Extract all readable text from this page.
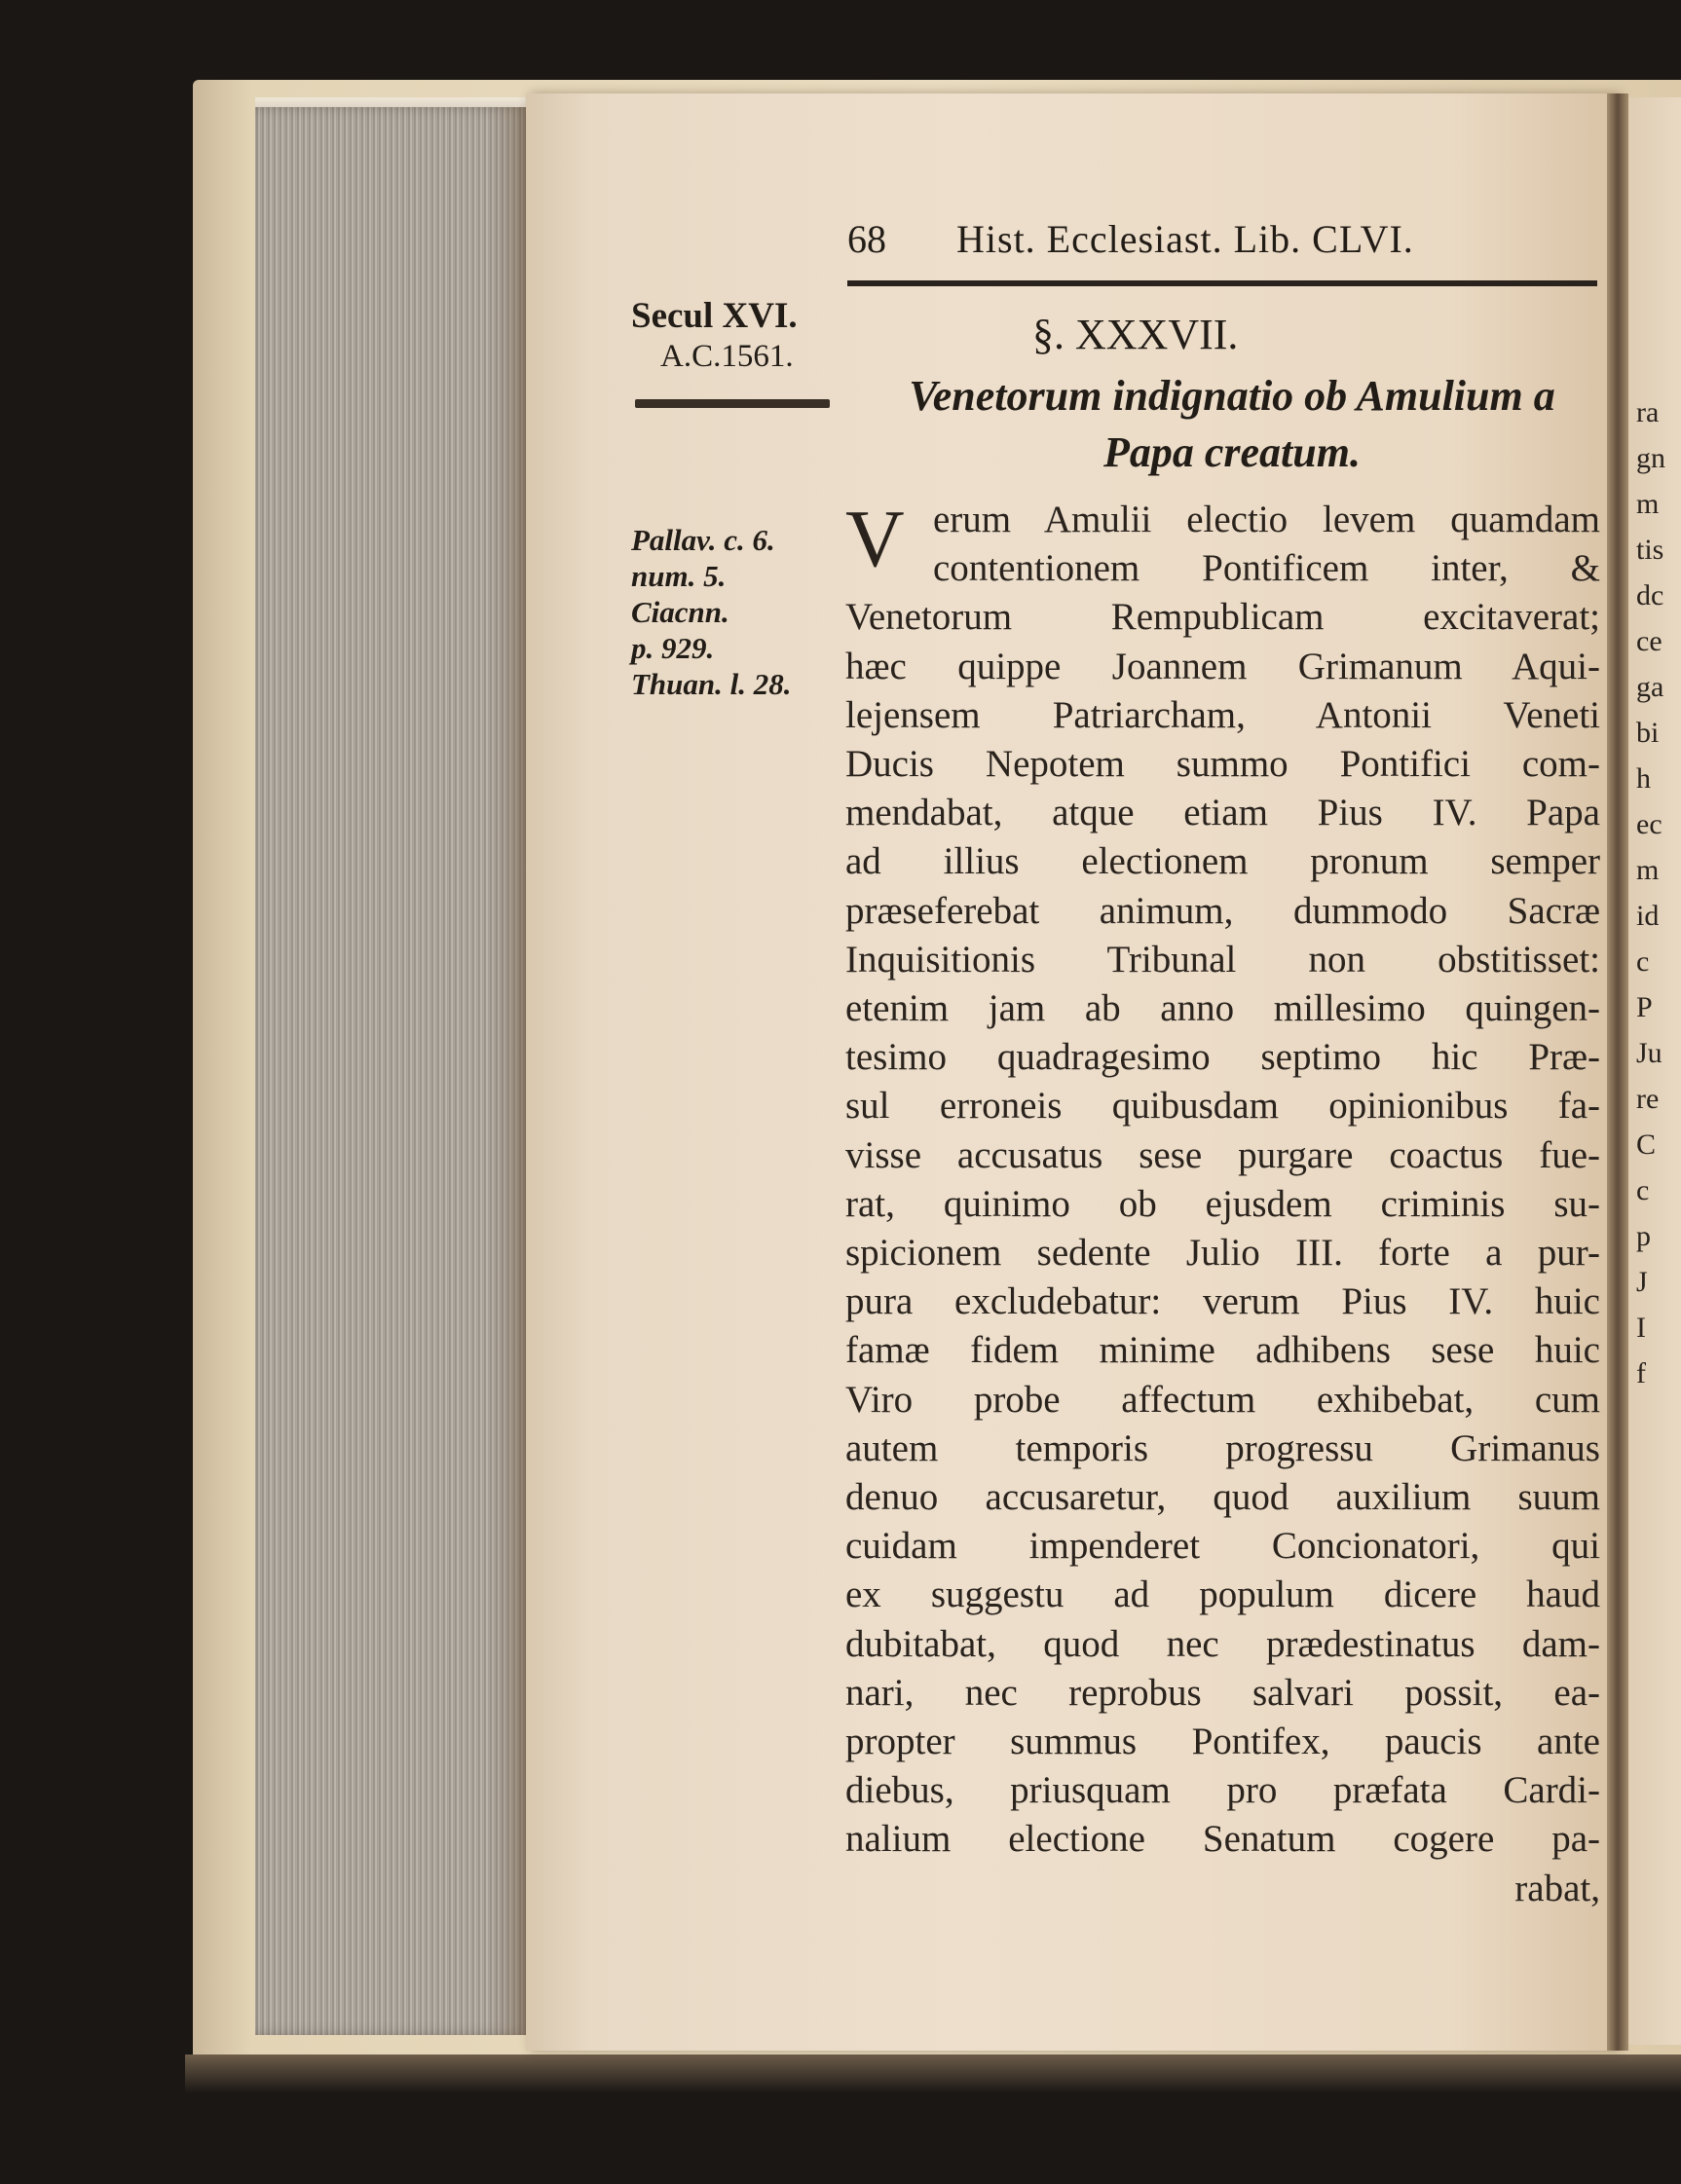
ra
gn
m
tis
dc
ce
ga
bi
h
ec
m
id
c
P
Ju
re
C
c
p
J
I
f
68 Hist. Ecclesiast. Lib. CLVI.
Secul XVI.
A.C.1561.
Pallav. c. 6.
num. 5.
Ciacnn.
p. 929.
Thuan. l. 28.
§. XXXVII.
Venetorum indignatio ob Amulium a
Papa creatum.
V erum Amulii electio levem quamdam
contentionem Pontificem inter, &
Venetorum Rempublicam excitaverat;
hæc quippe Joannem Grimanum Aqui-
lejensem Patriarcham, Antonii Veneti
Ducis Nepotem summo Pontifici com-
mendabat, atque etiam Pius IV. Papa
ad illius electionem pronum semper
præseferebat animum, dummodo Sacræ
Inquisitionis Tribunal non obstitisset:
etenim jam ab anno millesimo quingen-
tesimo quadragesimo septimo hic Præ-
sul erroneis quibusdam opinionibus fa-
visse accusatus sese purgare coactus fue-
rat, quinimo ob ejusdem criminis su-
spicionem sedente Julio III. forte a pur-
pura excludebatur: verum Pius IV. huic
famæ fidem minime adhibens sese huic
Viro probe affectum exhibebat, cum
autem temporis progressu Grimanus
denuo accusaretur, quod auxilium suum
cuidam impenderet Concionatori, qui
ex suggestu ad populum dicere haud
dubitabat, quod nec prædestinatus dam-
nari, nec reprobus salvari possit, ea-
propter summus Pontifex, paucis ante
diebus, priusquam pro præfata Cardi-
nalium electione Senatum cogere pa-
rabat,
